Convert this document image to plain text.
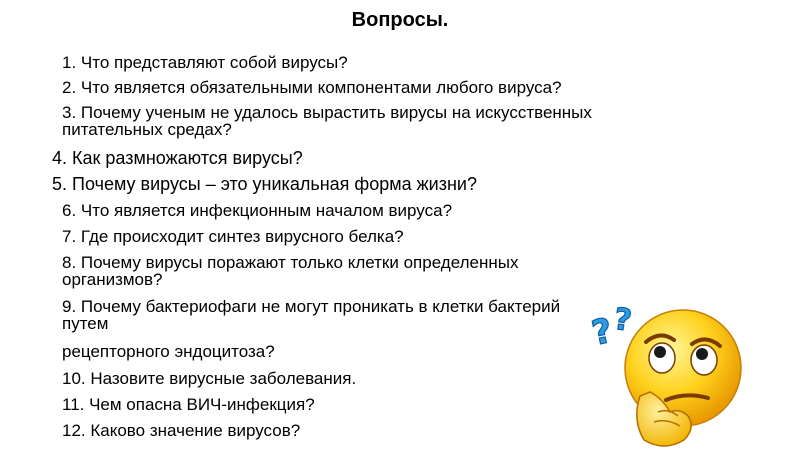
Вопросы.
1. Что представляют собой вирусы?
2. Что является обязательными компонентами любого вируса?
3. Почему ученым не удалось вырастить вирусы на искусственных
питательных средах?
4. Как размножаются вирусы?
5. Почему вирусы – это уникальная форма жизни?
6. Что является инфекционным началом вируса?
7. Где происходит синтез вирусного белка?
8. Почему вирусы поражают только клетки определенных
организмов?
9. Почему бактериофаги не могут проникать в клетки бактерий
путем
рецепторного эндоцитоза?
10. Назовите вирусные заболевания.
11. Чем опасна ВИЧ-инфекция?
12. Каково значение вирусов?
?
?
